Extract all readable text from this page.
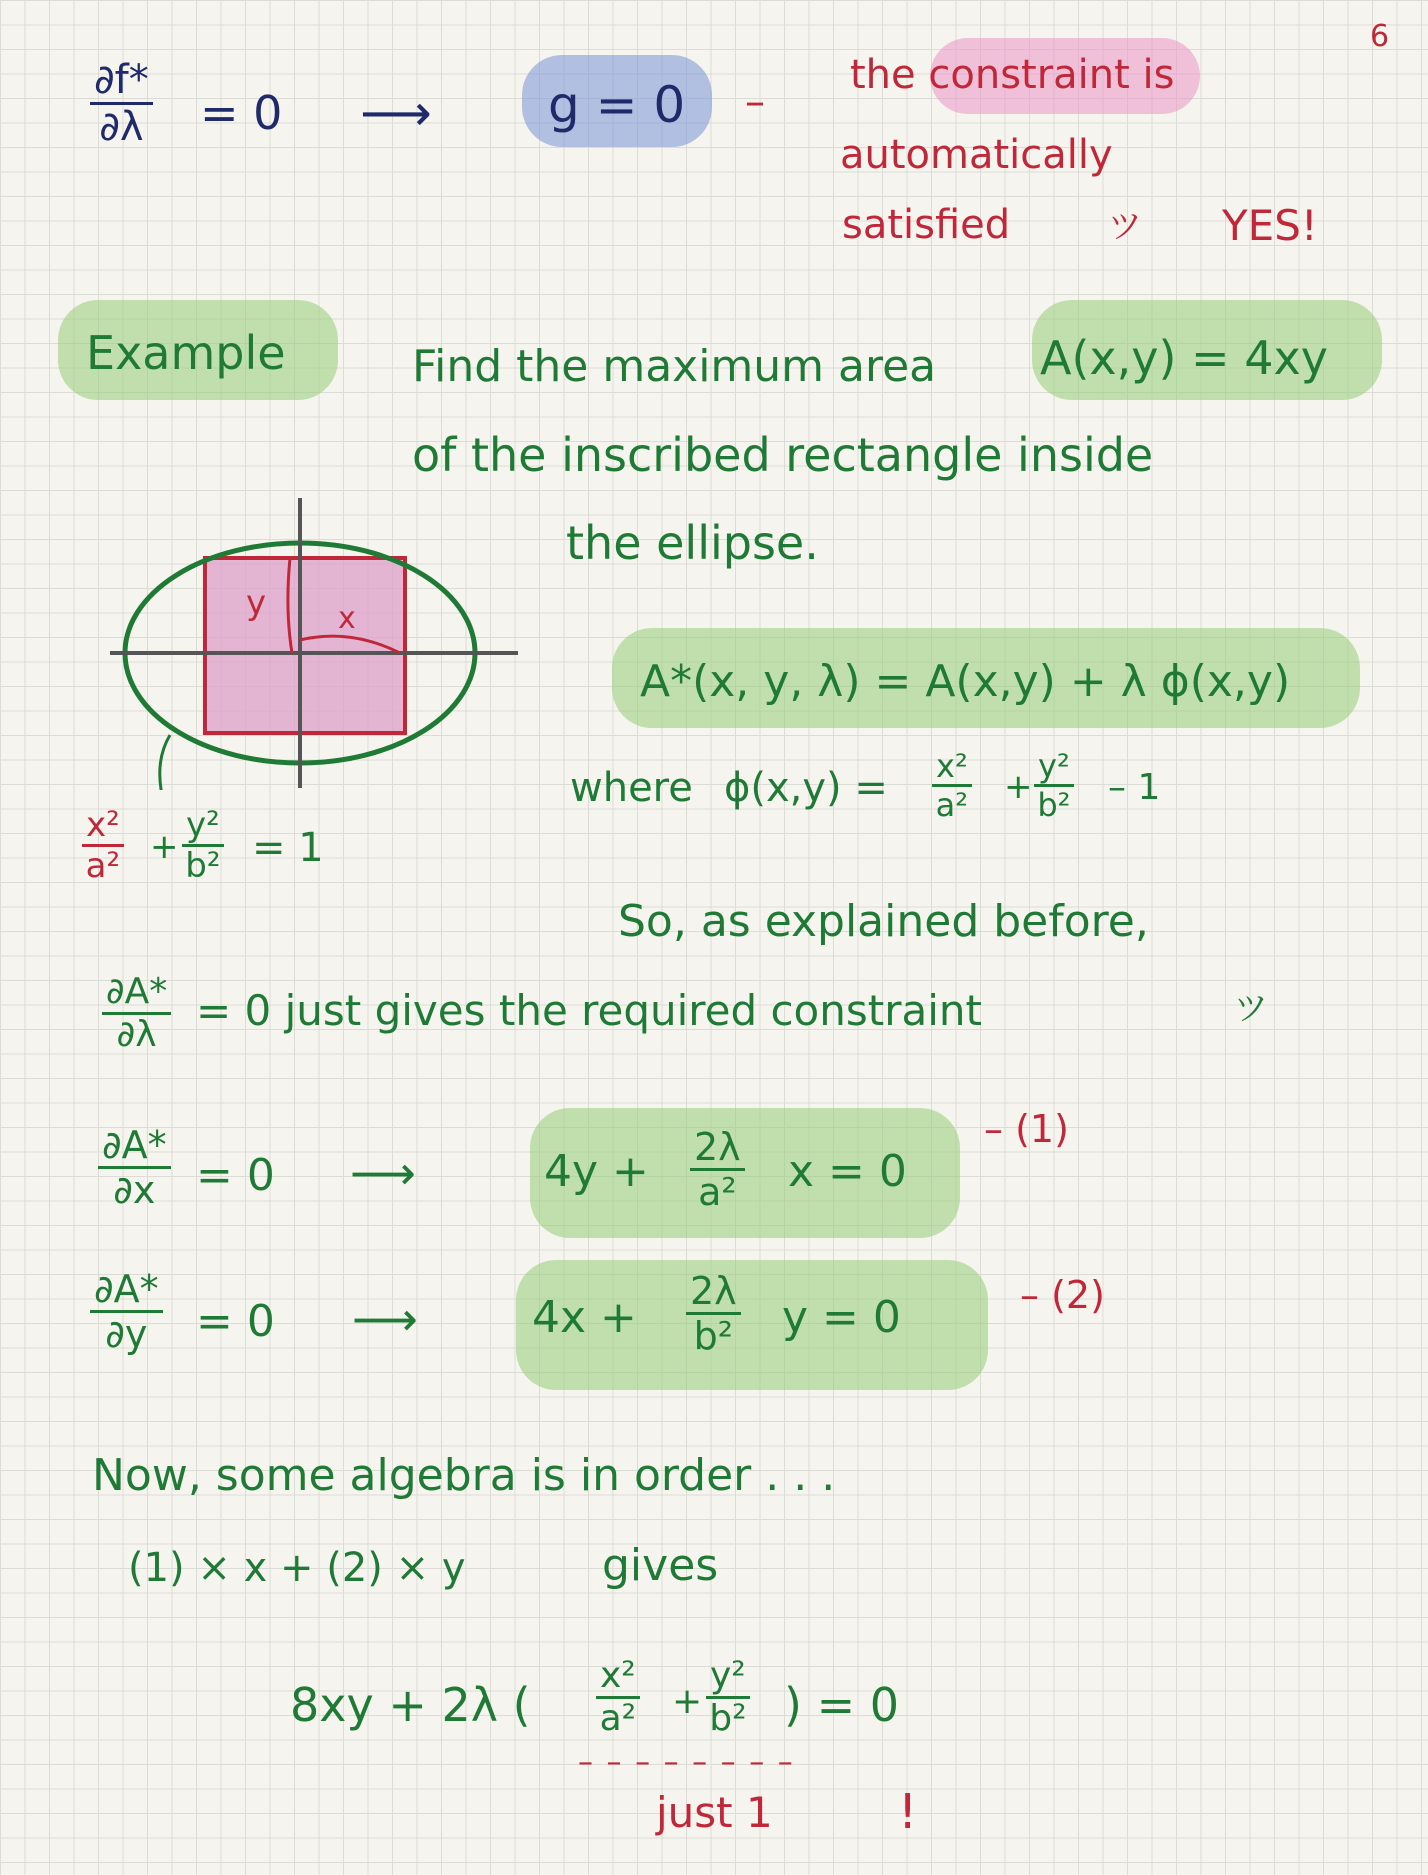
6
$\frac{\partial f*}{\partial\lambda} = 0$ ⟶ g = 0 –
the constraint is
automatically
satisfied	ツ YES!
Example	Find the maximum area A(x,y) = 4xy
of the inscribed rectangle inside
the ellipse.
y x
$\frac{\text{x²}}{\text{a²}} + \frac{\text{y²}}{\text{b²}} = 1$
A*(x, y, λ) = A(x,y) + λ ϕ(x,y)
where $\phi(x,y) = \frac{\text{x²}}{\text{a²}} + \frac{\text{y²}}{\text{b²}} - 1$
So, as explained before,
$\frac{\partial A*}{\partial\lambda} = 0$ just gives the required constraint	ツ
$\frac{\partial A*}{\partial x} = 0$ ⟶	$4y + \frac{2\lambda}{\text{a²}}$ x = 0
– (1)
$\frac{\partial A*}{\partial y} = 0$ ⟶	$4x + \frac{2\lambda}{\text{b²}}$ y = 0	– (2)
Now, some algebra is in order . . .
(1) × x + (2) × y	gives
8xy + 2λ ( $\frac{\text{x²}}{\text{a²}} + \frac{\text{y²}}{\text{b²}}$ ) = 0
– – – – – – – –
just 1	!
